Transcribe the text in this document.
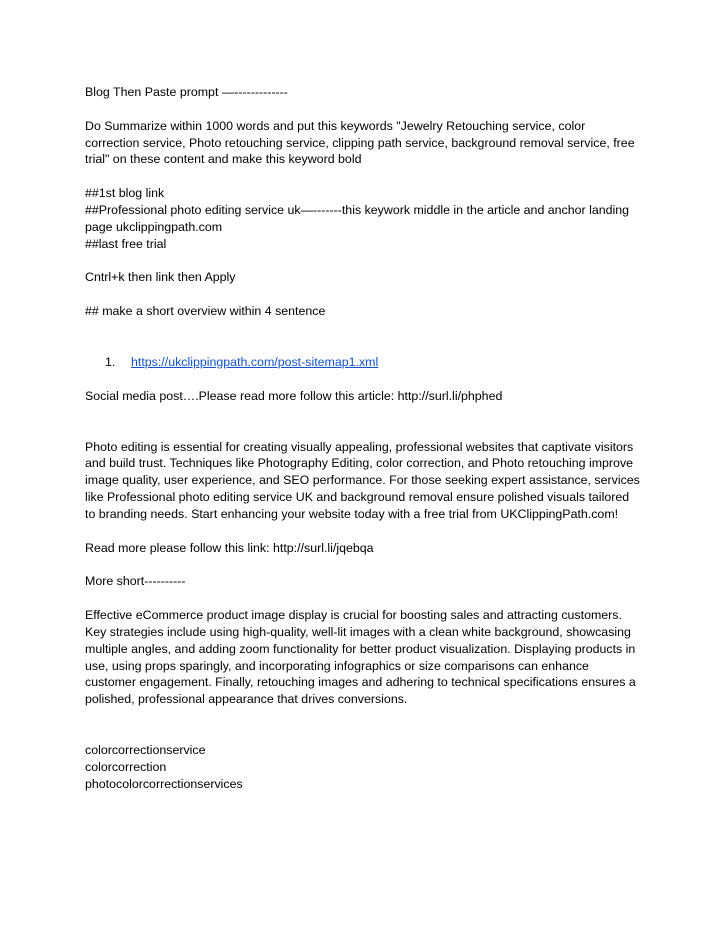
Blog Then Paste prompt —-------------

Do Summarize within 1000 words and put this keywords "Jewelry Retouching service, color correction service, Photo retouching service, clipping path service, background removal service, free trial" on these content and make this keyword bold

##1st blog link

##Professional photo editing service uk—-------this keywork middle in the article and anchor landing page ukclippingpath.com

##last free trial

Cntrl+k then link then Apply

## make a short overview within 4 sentence

1. https://ukclippingpath.com/post-sitemap1.xml

Social media post….Please read more follow this article: http://surl.li/phphed

Photo editing is essential for creating visually appealing, professional websites that captivate visitors and build trust. Techniques like Photography Editing, color correction, and Photo retouching improve image quality, user experience, and SEO performance. For those seeking expert assistance, services like Professional photo editing service UK and background removal ensure polished visuals tailored to branding needs. Start enhancing your website today with a free trial from UKClippingPath.com!

Read more please follow this link: http://surl.li/jqebqa

More short----------

Effective eCommerce product image display is crucial for boosting sales and attracting customers. Key strategies include using high-quality, well-lit images with a clean white background, showcasing multiple angles, and adding zoom functionality for better product visualization. Displaying products in use, using props sparingly, and incorporating infographics or size comparisons can enhance customer engagement. Finally, retouching images and adhering to technical specifications ensures a polished, professional appearance that drives conversions.

colorcorrectionservice

colorcorrection

photocolorcorrectionservices
